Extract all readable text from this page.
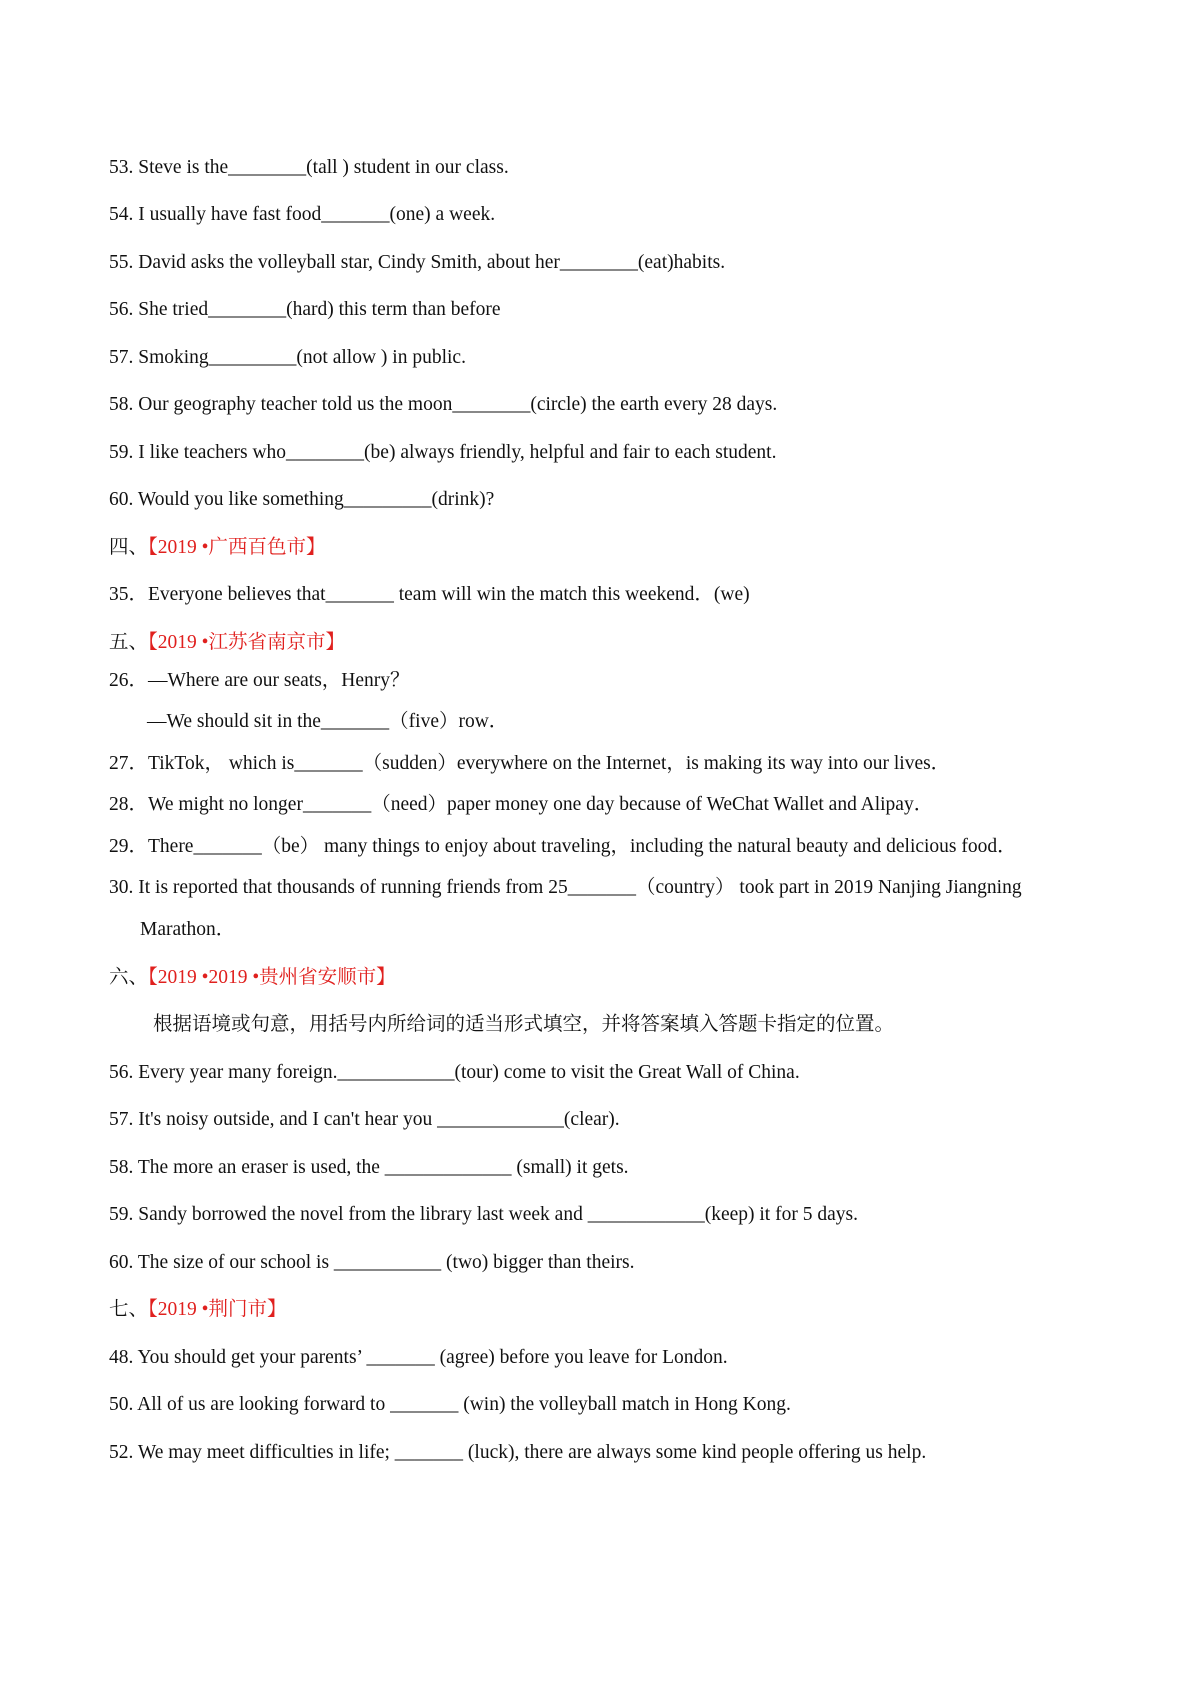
53. Steve is the________(tall ) student in our class.
54. I usually have fast food_______(one) a week.
55. David asks the volleyball star, Cindy Smith, about her________(eat)habits.
56. She tried________(hard) this term than before
57. Smoking_________(not allow ) in public.
58. Our geography teacher told us the moon________(circle) the earth every 28 days.
59. I like teachers who________(be) always friendly, helpful and fair to each student.
60. Would you like something_________(drink)?
四、【2019 •广西百色市】
35．Everyone believes that_______ team will win the match this weekend．(we)
五、【2019 •江苏省南京市】
26．—Where are our seats，Henry？
—We should sit in the_______（five）row．
27．TikTok， which is_______（sudden）everywhere on the Internet，is making its way into our lives．
28．We might no longer_______（need）paper money one day because of WeChat Wallet and Alipay．
29．There_______（be） many things to enjoy about traveling，including the natural beauty and delicious food．
30. It is reported that thousands of running friends from 25_______（country） took part in 2019 Nanjing Jiangning
Marathon．
六、【2019 •2019 •贵州省安顺市】
根据语境或句意，用括号内所给词的适当形式填空，并将答案填入答题卡指定的位置。
56. Every year many foreign.____________(tour) come to visit the Great Wall of China.
57. It's noisy outside, and I can't hear you _____________(clear).
58. The more an eraser is used, the _____________ (small) it gets.
59. Sandy borrowed the novel from the library last week and ____________(keep) it for 5 days.
60. The size of our school is ___________ (two) bigger than theirs.
七、【2019 •荆门市】
48. You should get your parents’ _______ (agree) before you leave for London.
50. All of us are looking forward to _______ (win) the volleyball match in Hong Kong.
52. We may meet difficulties in life; _______ (luck), there are always some kind people offering us help.
